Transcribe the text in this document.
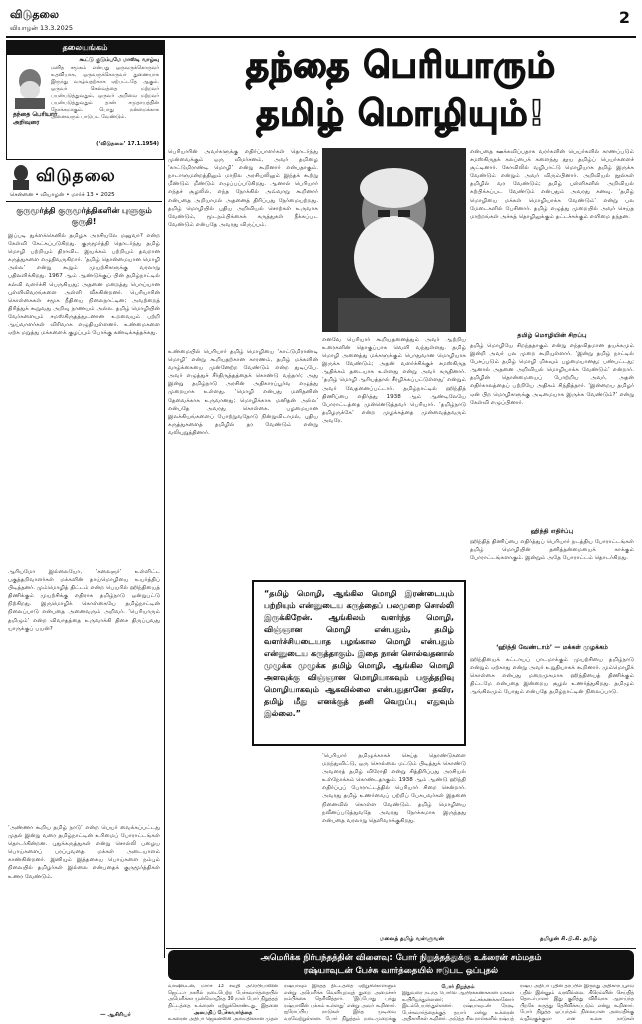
விடுதலை
வியாழன் 13.3.2025
2
தலையங்கம்
கூட்டு குடும்பமே மாஸ்டி வாழ்வு
மனித சமூகம் என்பது ஒருவருக்கொருவர் உதவியாக, ஒருவருக்கொருவர் துணையாக இருந்து வாழ்வதற்காக ஏற்பட்டதே ஆகும். ஒருவர் செல்வத்தை மற்றவர் பயன்படுத்துவதும், ஒருவர் அறிவை மற்றவர் பயன்படுத்துவதும் தான் சமுதாயத்தின் நோக்கமாகும். பொது நன்மைக்காக அனைவரும் பாடுபட வேண்டும்.
தந்தை பெரியார் அறிவுரை
(‘விடுதலை’ 17.1.1954)
விடுதலை
சென்னை • வியாழன் • மார்ச் 13 • 2025
குருமூர்த்தி குருமூர்த்திகளின் புளுகும் குருதி!
இப்படி துக்ளக்கெனில் தமிழக அரசியலே மனுவா? என்ற கேள்வி கேட்கப்படுகிறது. குருமூர்த்தி தொடர்ந்து தமிழ் மொழி பற்றியும் திராவிட இயக்கம் பற்றியும் தவறான கருத்துகளை எழுதிவருகிறார். ‘தமிழ் தொன்மையான மொழி அல்ல’ என்று கூறும் முயற்சிகளுக்கு வரலாறு பதிலளிக்கிறது. 1967 ஆம் ஆண்டுக்குப் பின் தமிழ்நாட்டில் கல்வி வளர்ச்சி பெருகியது; அதனை மறைத்து பொய்யான புள்ளிவிவரங்களை அள்ளி வீசுகின்றனர். பெரியாரின் கொள்கைகள் சமூக நீதியை நிலைநாட்டின; அவற்றைத் திரித்துக் கூறுவது அறிவு நாணயம் அல்ல. தமிழ் மொழியின் வேர்களையும் சமஸ்கிருதத்துடனான உறவையும் பற்றி ஆய்வாளர்கள் விரிவாக எழுதியுள்ளனர். உண்மைகளை ஏற்க மறுத்து மக்களைக் குழப்பும் போக்கு கண்டிக்கத்தக்கது.
ஆரியமோ இல்லையோ, ‘கலைஞர்’ உள்ளிட்ட பகுத்தறிவாளர்கள் மக்களின் தாய்மொழியை உயர்த்திப் பிடித்தனர். மும்மொழித் திட்டம் என்ற பெயரில் ஹிந்தியைத் திணிக்கும் முயற்சிக்கு எதிராக தமிழ்நாடு ஒன்றுபட்டு நிற்கிறது. இருமொழிக் கொள்கையே தமிழ்நாட்டின் நிலைப்பாடு என்பதை அனைவரும் அறிவர். ‘பெரியாரும் தமிழும்’ என்ற விவாதத்தை உருவாக்கி திசை திருப்புவது யாருக்குப் பயன்?
‘அண்ணா கூறிய தமிழ் நாடு’ என்ற பெயர் வைக்கப்பட்டது முதல் இன்று வரை தமிழ்நாட்டின் உரிமைப் போராட்டங்கள் தொடர்கின்றன. புதுக்கருத்துகள் என்று சொல்லி பழைய பொய்களைப் பரப்புவதை மக்கள் அடையாளம் காண்கின்றனர். இனியும் இத்தகைய பொய்களை நம்பும் நிலையில் தமிழர்கள் இல்லை என்பதைக் குருமூர்த்திகள் உணர வேண்டும்.
— ஆசிரியர்
தந்தை பெரியாரும்
தமிழ் மொழியும்!
பெரியாரின் அவர்களுக்கு எதிர்ப்பாளர்கள் தொடர்ந்து முன்வைக்கும் ஒரு விமர்சனம், அவர் தமிழை ‘காட்டுமிராண்டி மொழி’ என்று கூறினார் என்பதாகும். நாடாளுமன்றத்திலும் மாநில அரசியலிலும் இந்தக் கூற்று மீண்டும் மீண்டும் எழுப்பப்படுகிறது. ஆனால் பெரியார் எந்தச் சூழலில், எந்த நோக்கில் அவ்வாறு கூறினார் என்பதை அறியாமல் அதனைத் திரிப்பது நேர்மையற்றது. தமிழ் மொழியில் புதிய அறிவியல் சொற்கள் உருவாக வேண்டும், மூடநம்பிக்கைக் கருத்துகள் நீக்கப்பட வேண்டும் என்பதே அவரது விருப்பம்.
உண்மையில் பெரியார் தமிழ் மொழியை ‘காட்டுமிராண்டி மொழி’ என்று கூறியதற்கான காரணம், தமிழ் மக்களின் வாழ்க்கையை முன்னேற்ற வேண்டும் என்ற துடிப்பே. அவர் எழுத்துச் சீர்திருத்தத்தைக் கொண்டு வந்தார்; அது இன்று தமிழ்நாடு அரசின் அதிகாரப்பூர்வ எழுத்து முறையாக உள்ளது. ‘மொழி என்பது மனிதனின் தேவைக்காக உருவானது; மொழிக்காக மனிதன் அல்ல’ என்பதே அவரது கொள்கை. பழமையான இலக்கியங்களைப் போற்றுவதோடு நின்றுவிடாமல், புதிய கருத்துகளைத் தமிழில் தர வேண்டும் என்று வலியுறுத்தினார்.
எனவே பெரியார் கூறியதனைத்தும் அவர் ஆற்றிய உரைகளின் தொகுப்பாக வெளி வந்துள்ளது. தமிழ் மொழி அனைத்து மக்களுக்கும் பொதுவான மொழியாக இருக்க வேண்டும்; அதன் வளர்ச்சிக்குச் சமஸ்கிருத ஆதிக்கம் தடையாக உள்ளது என்று அவர் கருதினார். ‘தமிழ் மொழி ஆரியத்தால் சீரழிக்கப்பட்டுள்ளது’ என்றும் அவர் வேதனைப்பட்டார். தமிழ்நாட்டில் ஹிந்தித் திணிப்பை எதிர்த்து 1938 ஆம் ஆண்டிலேயே போராட்டத்தை முன்னெடுத்தவர் பெரியார். ‘தமிழ்நாடு தமிழருக்கே’ என்ற முழக்கத்தை முன்வைத்தவரும் அவரே.
என்பதை ஊக்கவிப்பதாக வரர்களின் பெயர்களில் காணப்படும் சமஸ்கிருதக் கலப்பைக் களைந்து தூய தமிழ்ப் பெயர்களைச் சூட்டினார். கோவிலில் வழிபாட்டு மொழியாக தமிழ் இருக்க வேண்டும் என்றும் அவர் விரும்பினார். அறிவியல் நூல்கள் தமிழில் வர வேண்டும்; தமிழ் பள்ளிகளில் அறிவியல் கற்பிக்கப்பட வேண்டும் என்பதும் அவரது கனவு. ‘தமிழ் மொழியை மக்கள் மொழியாக்க வேண்டும்’ என்று பல மேடைகளில் பேசினார். தமிழ் எழுத்து முறையில் அவர் செய்த மாற்றங்கள் அச்சுத் தொழிலுக்கும் தட்டச்சுக்கும் எளிமை தந்தன.
தமிழ் மொழியின் சிறப்பு
தமிழ் மொழியே சிறந்ததாகும் என்று எந்தவிதமான தயக்கமும் இன்றி அவர் பல முறை கூறியுள்ளார். ‘இன்று தமிழ் நாட்டில் பேசப்படும் தமிழ் மொழி மிகவும் பழமையானது; பண்பட்டது; ஆனால் அதனை அறிவியல் மொழியாக்க வேண்டும்’ என்றார். தமிழின் தொன்மையைப் போற்றிய அவர், அதன் எதிர்காலத்தைப் பற்றியே அதிகம் சிந்தித்தார். ‘இன்றைய தமிழர் ஏன் பிற மொழிகளுக்கு அடிமையாக இருக்க வேண்டும்?’ என்று கேள்வி எழுப்பினார்.
ஹிந்தி எதிர்ப்பு
ஹிந்தித் திணிப்பை எதிர்த்துப் பெரியார் நடத்திய போராட்டங்கள் தமிழ் மொழியின் தனித்தன்மையைக் காக்கும் போராட்டங்களாகும். இன்றும் அதே போராட்டம் தொடர்கிறது.
‘ஹிந்தி வேண்டாம்’ — மக்கள் முழக்கம்
ஹிந்தியைக் கட்டாயப் பாடமாக்கும் முயற்சியை தமிழ்நாடு என்றும் ஏற்காது என்று அவர் உறுதியாகக் கூறினார். மும்மொழிக் கொள்கை என்பது மறைமுகமாக ஹிந்தியைத் திணிக்கும் திட்டமே என்பதை இன்றைய சூழல் உணர்த்துகிறது. தமிழும் ஆங்கிலமும் போதும் என்பதே தமிழ்நாட்டின் நிலைப்பாடு.
“தமிழ் மொழி, ஆங்கில மொழி இரண்டையும் பற்றியும் என்னுடைய கருத்தைப் பலமுறை சொல்லி இருக்கிறேன். ஆங்கிலம் வளர்ந்த மொழி, விஞ்ஞான மொழி என்பதும், தமிழ் வளர்ச்சியடையாத பழங்கால மொழி என்பதும் என்னுடைய கருத்தாகும். இதை நான் சொல்வதனால் முழுக்க முழுக்க தமிழ் மொழி, ஆங்கில மொழி அளவுக்கு விஞ்ஞான மொழியாகவும் பகுத்தறிவு மொழியாகவும் ஆகவில்லை என்பதுதானே தவிர, தமிழ் மீது எனக்குத் தனி வெறுப்பு எதுவும் இல்லை.”
‘பெரியார் தமிழுக்காகச் செய்த தொண்டுகளை மறந்துவிட்டு, ஒரு சொல்லை மட்டும் பிடித்துக் கொண்டு அவரைத் தமிழ் விரோதி என்று சித்திரிப்பது அரசியல் உள்நோக்கம் கொண்டதாகும். 1938 ஆம் ஆண்டு ஹிந்தி எதிர்ப்புப் போராட்டத்தில் பெரியார் சிறை சென்றார். அவரது தமிழ் உணர்வைப் பற்றிப் பேசுபவர்கள் இதனை நினைவில் கொள்ள வேண்டும். தமிழ் மொழியை நவீனப்படுத்துவதே அவரது நோக்கமாக இருந்தது என்பதை வரலாறு தெளிவாக்குகிறது.
மலைத் தமிழ் வள்ளுவன்	தமிழன் சி.பி.கி. தமிழ்
அமெரிக்க நிர்பந்தத்தின் விளைவு: போர் நிறுத்தத்துக்கு உக்ரைன் சம்மதம்
ரஷ்யாவுடன் பேச்சு வார்த்தையில் ஈடுபட ஒப்புதல்
வாஷிங்டன், மார்ச் 13 சவுதி அரேபியாவின் ஜெட்டா நகரில் நடைபெற்ற பேச்சுவார்த்தையில் அமெரிக்கா முன்மொழிந்த 30 நாள் போர் நிறுத்தத் திட்டத்தை உக்ரைன் ஏற்றுக்கொண்டது. இதனை
அமைதிப் பேச்சுவார்த்தை
உக்ரைன் அதிபர் ஜெலன்ஸ்கி அமைதிக்கான முதல்
ரஷ்யாவும் இந்தத் திட்டத்தை ஏற்றுக்கொள்ளும் என்று அமெரிக்க வெளியுறவுத் துறை அமைச்சர் நம்பிக்கை தெரிவித்தார். ‘இப்போது பந்து ரஷ்யாவின் பக்கம் உள்ளது’ என்று அவர் கூறினார். ஐரோப்பிய நாடுகள் இந்த முடிவை வரவேற்றுள்ளன. போர் நிறுத்தம் நடைமுறைக்கு
போர் நிறுத்தம்
இதுவரை நடந்த போரில் ஆயிரக்கணக்கான மக்கள் உயிரிழந்துள்ளனர்; லட்சக்கணக்கானோர் இடம்பெயர்ந்துள்ளனர். ரஷ்யாவுடன் நேரடி பேச்சுவார்த்தைக்குத் தயார் என்று உக்ரைன் அதிகாரிகள் கூறினர். அடுத்த சில நாள்களில் ரஷ்யத்
ரஷ்ய அதிபர் புதின் தரப்பில் இருந்து அதிகாரப்பூர்வ பதில் இன்னும் வரவில்லை. கிரெம்ளின் செய்தித் தொடர்பாளர் இது குறித்து விரிவாக ஆராய்ந்த பிறகே கருத்து தெரிவிக்கப்படும் என்று கூறினார். போர் நிறுத்த ஒப்பந்தம் நிலையான அமைதிக்கு வழிவகுக்குமா என உலக நாடுகள்
